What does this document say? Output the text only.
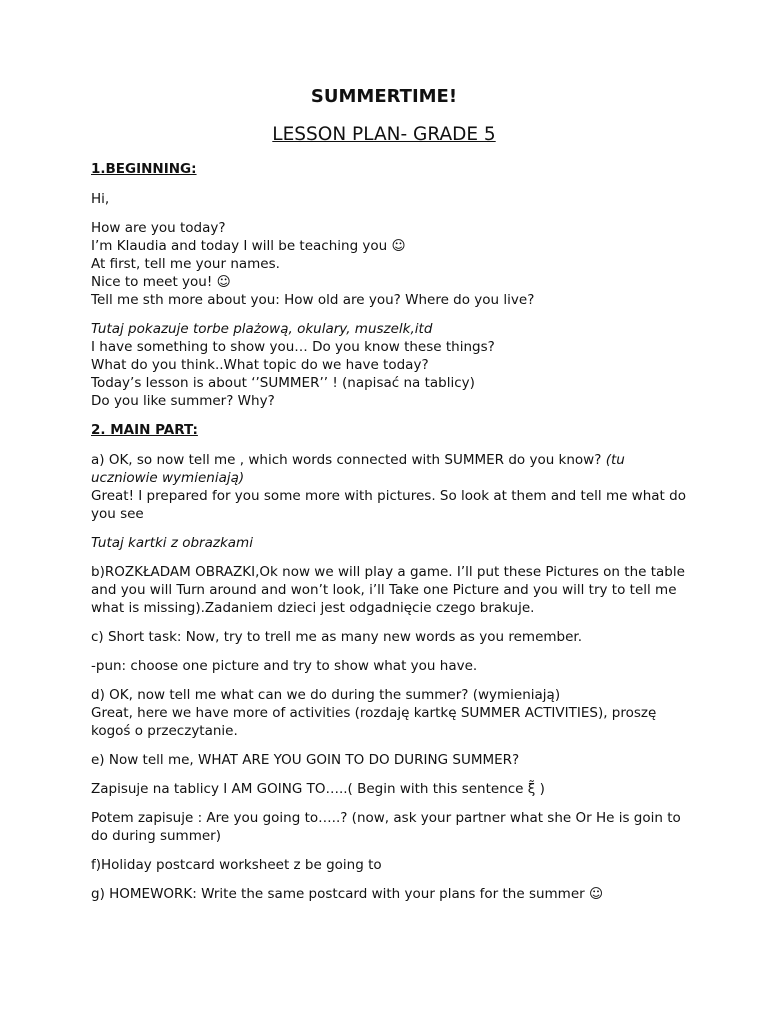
SUMMERTIME!
LESSON PLAN- GRADE 5
1.BEGINNING:
Hi,
How are you today?
I’m Klaudia and today I will be teaching you ☺
At first, tell me your names.
Nice to meet you! ☺
Tell me sth more about you: How old are you? Where do you live?
Tutaj pokazuje torbe plażową, okulary, muszelk,itd
I have something to show you… Do you know these things?
What do you think..What topic do we have today?
Today’s lesson is about ‘’SUMMER’’ ! (napisać na tablicy)
Do you like summer? Why?
2. MAIN PART:
a) OK, so now tell me , which words connected with SUMMER do you know? (tu uczniowie wymieniają)
Great! I prepared for you some more with pictures. So look at them and tell me what do you see
Tutaj kartki z obrazkami
b)ROZKŁADAM OBRAZKI,Ok now we will play a game. I’ll put these Pictures on the table and you will Turn around and won’t look, i’ll Take one Picture and you will try to tell me what is missing).Zadaniem dzieci jest odgadnięcie czego brakuje.
c) Short task: Now, try to trell me as many new words as you remember.
-pun: choose one picture and try to show what you have.
d) OK, now tell me what can we do during the summer? (wymieniają)
Great, here we have more of activities (rozdaję kartkę SUMMER ACTIVITIES), proszę kogoś o przeczytanie.
e) Now tell me, WHAT ARE YOU GOIN TO DO DURING SUMMER?
Zapisuje na tablicy I AM GOING TO…..( Begin with this sentence ξ̃ )
Potem zapisuje : Are you going to…..? (now, ask your partner what she Or He is goin to do during summer)
f)Holiday postcard worksheet z be going to
g) HOMEWORK: Write the same postcard with your plans for the summer ☺
